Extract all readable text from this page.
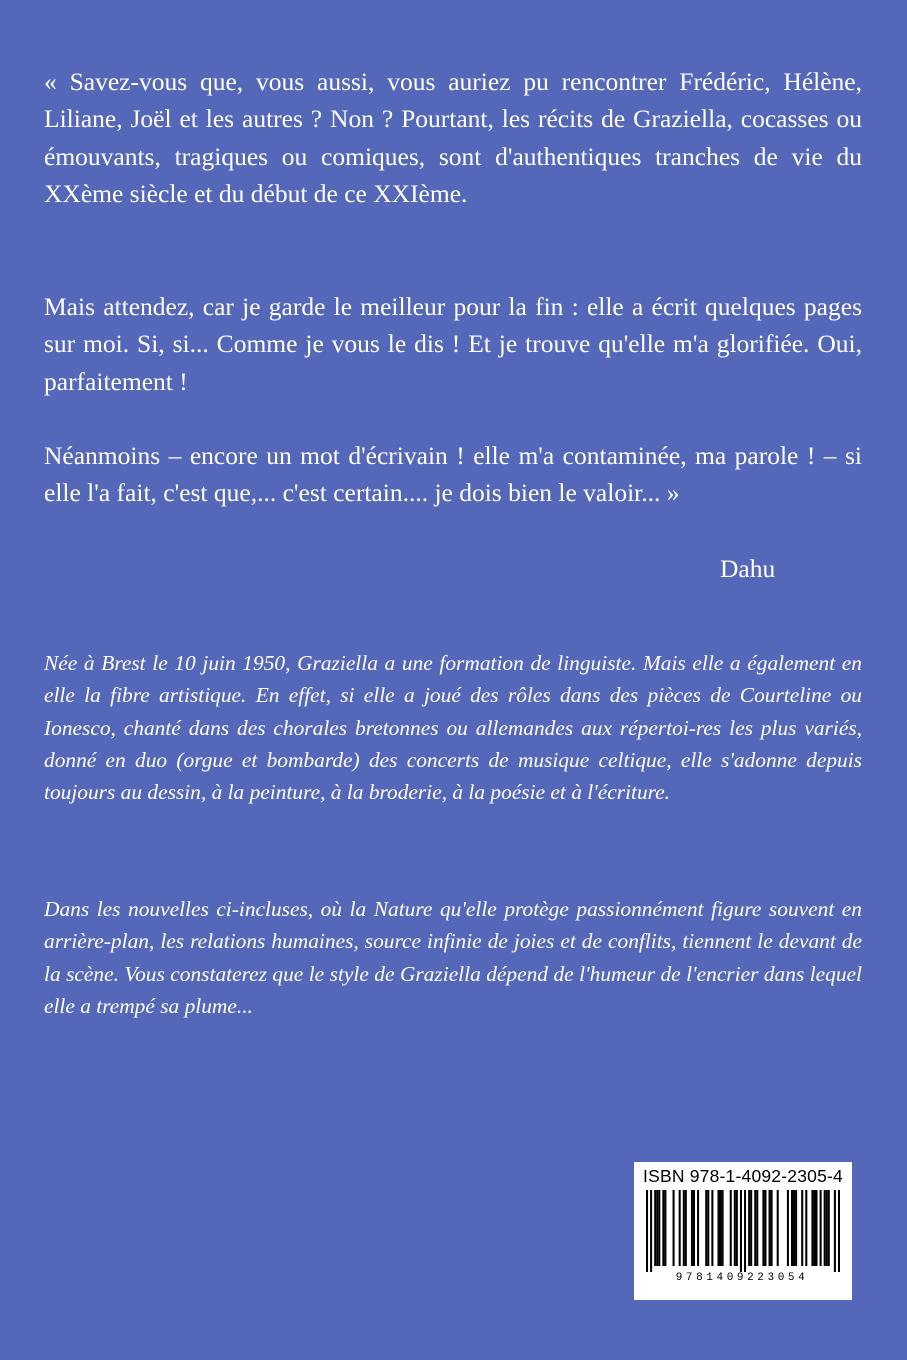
« Savez-vous que, vous aussi, vous auriez pu rencontrer Frédéric, Hélène, Liliane, Joël et les autres ? Non ? Pourtant, les récits de Graziella, cocasses ou émouvants, tragiques ou comiques, sont d'authentiques tranches de vie du XXème siècle et du début de ce XXIème.

Mais attendez, car je garde le meilleur pour la fin : elle a écrit quelques pages sur moi. Si, si... Comme je vous le dis ! Et je trouve qu'elle m'a glorifiée. Oui, parfaitement !

Néanmoins – encore un mot d'écrivain ! elle m'a contaminée, ma parole ! – si elle l'a fait, c'est que,... c'est certain.... je dois bien le valoir... »

Dahu

Née à Brest le 10 juin 1950, Graziella a une formation de linguiste. Mais elle a également en elle la fibre artistique. En effet, si elle a joué des rôles dans des pièces de Courteline ou Ionesco, chanté dans des chorales bretonnes ou allemandes aux répertoi-res les plus variés, donné en duo (orgue et bombarde) des concerts de musique celtique, elle s'adonne depuis toujours au dessin, à la peinture, à la broderie, à la poésie et à l'écriture.

Dans les nouvelles ci-incluses, où la Nature qu'elle protège passionnément figure souvent en arrière-plan, les relations humaines, source infinie de joies et de conflits, tiennent le devant de la scène. Vous constaterez que le style de Graziella dépend de l'humeur de l'encrier dans lequel elle a trempé sa plume...

ISBN 978-1-4092-2305-4
9781409223054
